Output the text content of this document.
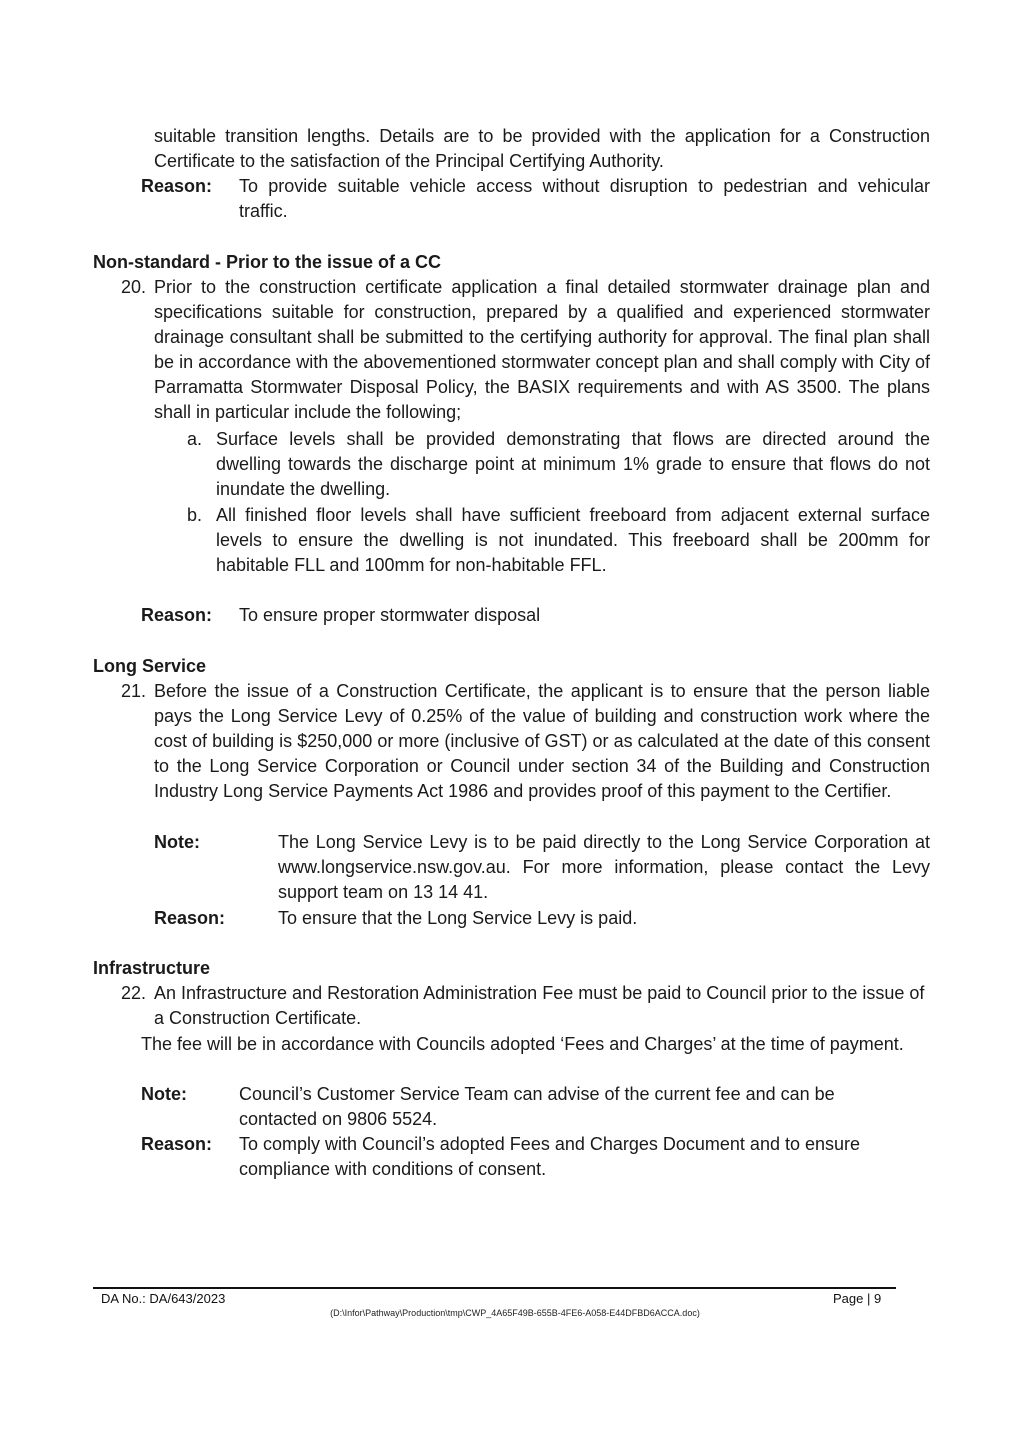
suitable transition lengths. Details are to be provided with the application for a Construction Certificate to the satisfaction of the Principal Certifying Authority.
Reason: To provide suitable vehicle access without disruption to pedestrian and vehicular traffic.
Non-standard - Prior to the issue of a CC
20. Prior to the construction certificate application a final detailed stormwater drainage plan and specifications suitable for construction, prepared by a qualified and experienced stormwater drainage consultant shall be submitted to the certifying authority for approval. The final plan shall be in accordance with the abovementioned stormwater concept plan and shall comply with City of Parramatta Stormwater Disposal Policy, the BASIX requirements and with AS 3500. The plans shall in particular include the following;
a. Surface levels shall be provided demonstrating that flows are directed around the dwelling towards the discharge point at minimum 1% grade to ensure that flows do not inundate the dwelling.
b. All finished floor levels shall have sufficient freeboard from adjacent external surface levels to ensure the dwelling is not inundated. This freeboard shall be 200mm for habitable FLL and 100mm for non-habitable FFL.
Reason: To ensure proper stormwater disposal
Long Service
21. Before the issue of a Construction Certificate, the applicant is to ensure that the person liable pays the Long Service Levy of 0.25% of the value of building and construction work where the cost of building is $250,000 or more (inclusive of GST) or as calculated at the date of this consent to the Long Service Corporation or Council under section 34 of the Building and Construction Industry Long Service Payments Act 1986 and provides proof of this payment to the Certifier.
Note:	The Long Service Levy is to be paid directly to the Long Service Corporation at www.longservice.nsw.gov.au. For more information, please contact the Levy support team on 13 14 41.
Reason:	To ensure that the Long Service Levy is paid.
Infrastructure
22. An Infrastructure and Restoration Administration Fee must be paid to Council prior to the issue of a Construction Certificate.
The fee will be in accordance with Councils adopted ‘Fees and Charges’ at the time of payment.
Note:	Council’s Customer Service Team can advise of the current fee and can be contacted on 9806 5524.
Reason: To comply with Council’s adopted Fees and Charges Document and to ensure compliance with conditions of consent.
DA No.: DA/643/2023	Page | 9
(D:\Infor\Pathway\Production\tmp\CWP_4A65F49B-655B-4FE6-A058-E44DFBD6ACCA.doc)
